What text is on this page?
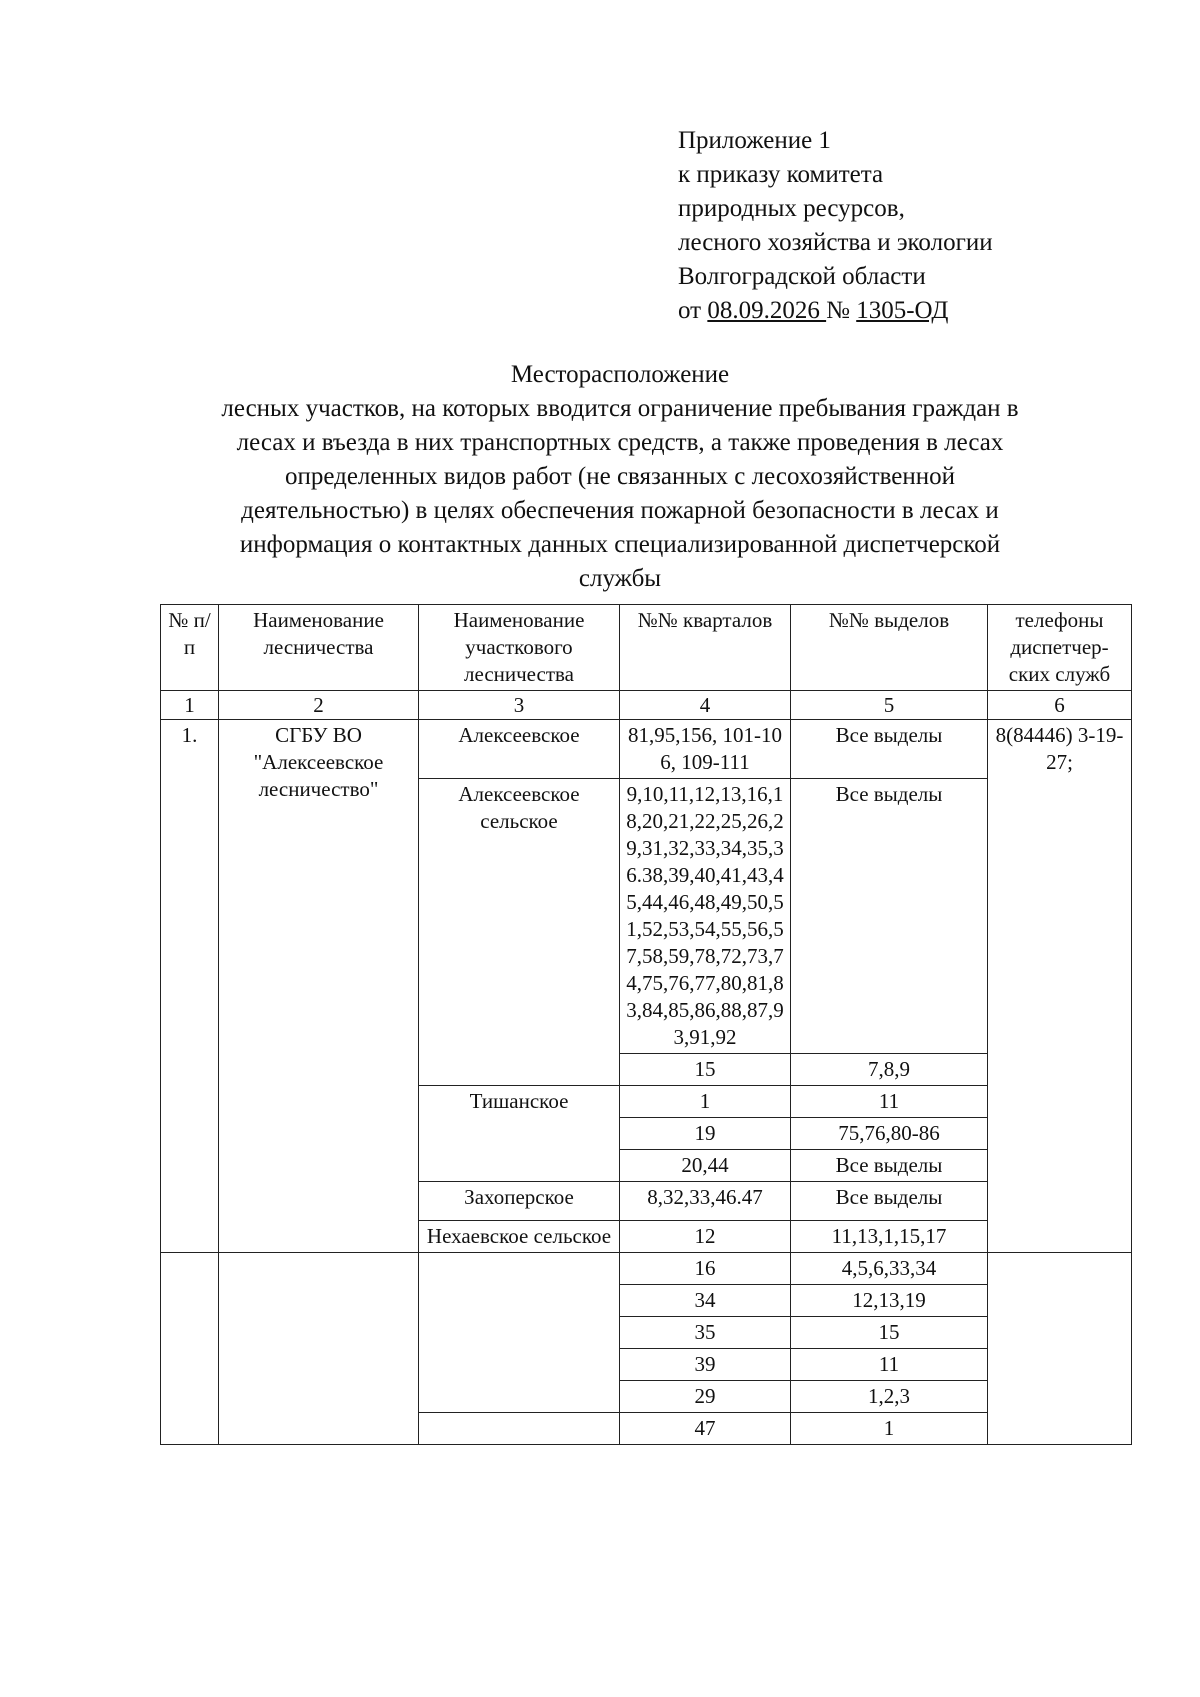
Приложение 1
к приказу комитета
природных ресурсов,
лесного хозяйства и экологии
Волгоградской области
от 08.09.2026 № 1305-ОД
Месторасположение
лесных участков, на которых вводится ограничение пребывания граждан в
лесах и въезда в них транспортных средств, а также проведения в лесах
определенных видов работ (не связанных с лесохозяйственной
деятельностью) в целях обеспечения пожарной безопасности в лесах и
информация о контактных данных специализированной диспетчерской
службы
№ п/п	Наименование лесничества	Наименование участкового лесничества	№№ кварталов	№№ выделов	телефоны диспетчер-ских служб
1	2	3	4	5	6
1.	СГБУ ВО "Алексеевское лесничество"	Алексеевское	81,95,156, 101-106, 109-111	Все выделы	8(84446) 3-19-27;
		Алексеевское сельское	9,10,11,12,13,16,18,20,21,22,25,26,29,31,32,33,34,35,36.38,39,40,41,43,45,44,46,48,49,50,51,52,53,54,55,56,57,58,59,78,72,73,74,75,76,77,80,81,83,84,85,86,88,87,93,91,92	Все выделы	
			15	7,8,9	
		Тишанское	1	11	
			19	75,76,80-86	
			20,44	Все выделы	
		Захоперское	8,32,33,46.47	Все выделы	
		Нехаевское сельское	12	11,13,1,15,17	
			16	4,5,6,33,34	
			34	12,13,19	
			35	15	
			39	11	
			29	1,2,3	
			47	1	
